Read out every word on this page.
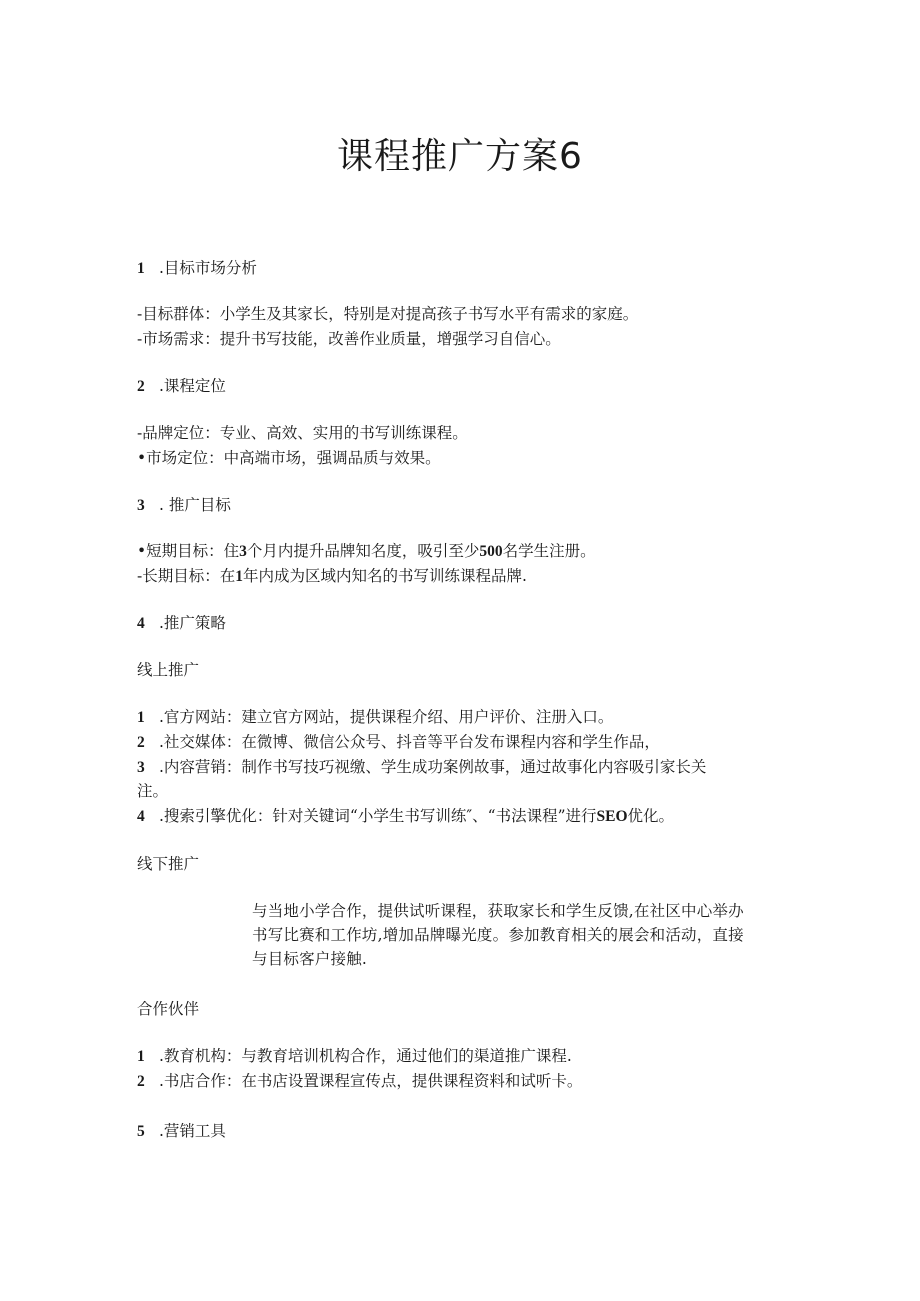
课程推广方案6
1 .目标市场分析
-目标群体：小学生及其家长，特别是对提高孩子书写水平有需求的家庭。
-市场需求：提升书写技能，改善作业质量，增强学习自信心。
2 .课程定位
-品牌定位：专业、高效、实用的书写训练课程。
•市场定位：中高端市场，强调品质与效果。
3 . 推广目标
•短期目标：住3个月内提升品牌知名度，吸引至少500名学生注册。
-长期目标：在1年内成为区域内知名的书写训练课程品牌.
4 .推广策略
线上推广
1 .官方网站：建立官方网站，提供课程介绍、用户评价、注册入口。
2 .社交媒体：在微博、微信公众号、抖音等平台发布课程内容和学生作品，
3 .内容营销：制作书写技巧视缴、学生成功案例故事，通过故事化内容吸引家长关
注。
4 .搜索引擎优化：针对关键词“小学生书写训练″、“书法课程”进行SEO优化。
线下推广
与当地小学合作，提供试听课程，获取家长和学生反馈,在社区中心举办
书写比赛和工作坊,增加品牌曝光度。参加教育相关的展会和活动，直接
与目标客户接触.
合作伙伴
1 .教育机构：与教育培训机构合作，通过他们的渠道推广课程.
2 .书店合作：在书店设置课程宣传点，提供课程资料和试听卡。
5 .营销工具
